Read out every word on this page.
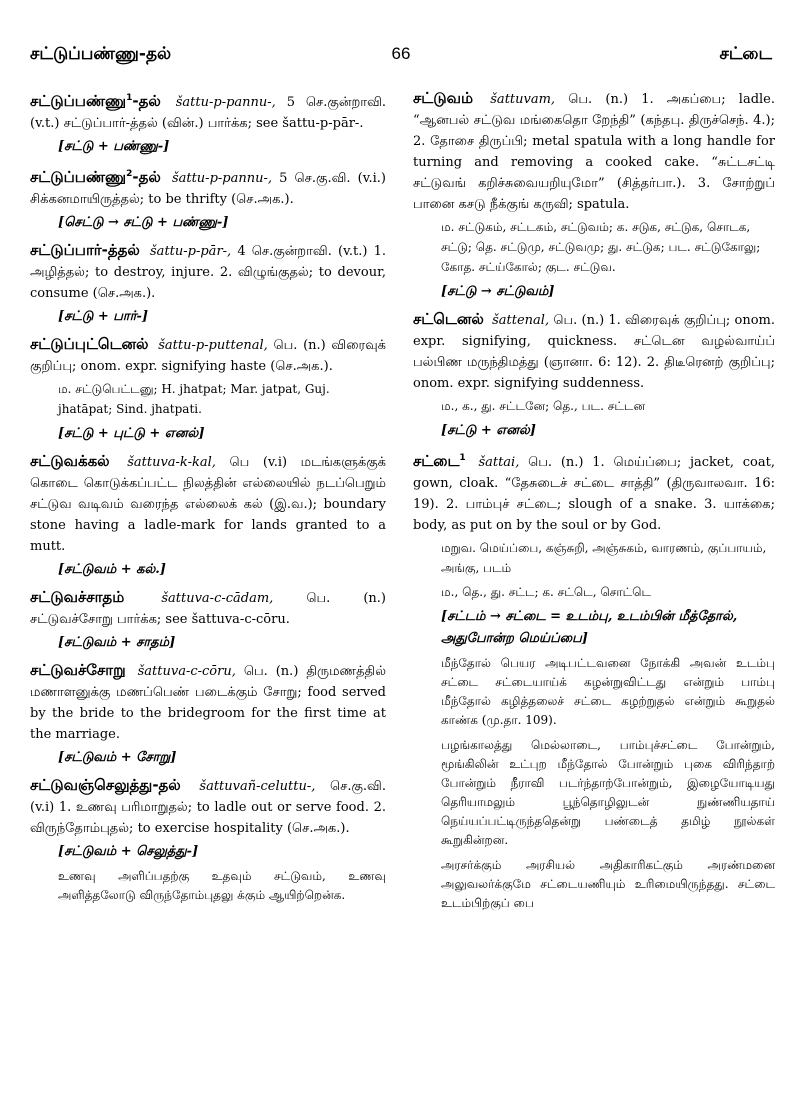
66
சட்டுப்பண்ணு-தல்	சட்டை
சட்டுப்பண்ணு$^1$-தல் šattu-p-pannu-, 5 செ.குன்றாவி. (v.t.) சட்டுப்பார்-த்தல் (வின்.) பார்க்க; see šattu-p-pār-.
[சட்டு + பண்ணு-]
சட்டுப்பண்ணு$^2$-தல் šattu-p-pannu-, 5 செ.கு.வி. (v.i.) சிக்கனமாயிருத்தல்; to be thrifty (செ.அக.).
[செட்டு → சட்டு + பண்ணு-]
சட்டுப்பார்-த்தல் šattu-p-pār-, 4 செ.குன்றாவி. (v.t.) 1. அழித்தல்; to destroy, injure. 2. விழுங்குதல்; to devour, consume (செ.அக.).
[சட்டு + பார்-]
சட்டுப்புட்டெனல் šattu-p-puttenal, பெ. (n.) விரைவுக் குறிப்பு; onom. expr. signifying haste (செ.அக.).
ம. சட்டுபெட்டனு; H. jhatpat; Mar. jatpat, Guj. jhatāpat; Sind. jhatpati.
[சட்டு + புட்டு + எனல்]
சட்டுவக்கல் šattuva-k-kal, பெ (v.i) மடங்களுக்குக் கொடை கொடுக்கப்பட்ட நிலத்தின் எல்லையில் நடப்பெறும் சட்டுவ வடிவம் வரைந்த எல்லைக் கல் (இ.வ.); boundary stone having a ladle-mark for lands granted to a mutt.
[சட்டுவம் + கல்.]
சட்டுவச்சாதம்	šattuva-c-cādam,	பெ. (n.) சட்டுவச்சோறு பார்க்க; see šattuva-c-cōru.
[சட்டுவம் + சாதம்]
சட்டுவச்சோறு šattuva-c-cōru, பெ. (n.) திருமணத்தில் மணாளனுக்கு மணப்பெண் படைக்கும் சோறு; food served by the bride to the bridegroom for the first time at the marriage.
[சட்டுவம் + சோறு]
சட்டுவஞ்செலுத்து-தல் šattuvañ-celuttu-, செ.கு.வி. (v.i) 1. உணவு பரிமாறுதல்; to ladle out or serve food. 2. விருந்தோம்புதல்; to exercise hospitality (செ.அக.).
[சட்டுவம் + செலுத்து-]
உணவு அளிப்பதற்கு உதவும் சட்டுவம், உணவு அளித்தலோடு விருந்தோம்புதலு க்கும் ஆயிற்றென்க.
சட்டுவம் šattuvam, பெ. (n.) 1. அகப்பை; ladle. “ஆனபல் சட்டுவ மங்கைதொ றேந்தி” (கந்தபு. திருச்செந். 4.); 2. தோசை திருப்பி; metal spatula with a long handle for turning and removing a cooked cake. “சுட்டசட்டி சட்டுவங் கறிச்சுவையறியுமோ” (சித்தர்பா.). 3. சோற்றுப் பானை கசடு நீக்குங் கருவி; spatula.
ம. சட்டுகம், சட்டகம், சட்டுவம்; க. சடுக, சட்டுக, சொடக, சட்டு; தெ. சட்டுமு, சட்டுவமு; து. சட்டுக; பட. சட்டுகோலு; கோத. சட்ய்கோல்; குட. சட்டுவ.
[சட்டு → சட்டுவம்]
சட்டெனல் šattenal, பெ. (n.) 1. விரைவுக் குறிப்பு; onom. expr. signifying, quickness. சட்டென வழல்வாய்ப் பல்பிண மருந்திமத்து (ஞானா. 6: 12). 2. திடீரெனற் குறிப்பு; onom. expr. signifying suddenness.
ம., க., து. சட்டனே; தெ., பட. சட்டன
[சட்டு + எனல்]
சட்டை$^1$ šattai, பெ. (n.) 1. மெய்ப்பை; jacket, coat, gown, cloak. “தேசுடைச் சட்டை சாத்தி” (திருவாலவா. 16: 19). 2. பாம்புச் சட்டை; slough of a snake. 3. யாக்கை; body, as put on by the soul or by God.
மறுவ. மெய்ப்பை, கஞ்சுறி, அஞ்சுகம், வாரணம், குப்பாயம், அங்கு, படம்
ம., தெ., து. சட்ட; க. சட்டெ, சொட்டெ
[சட்டம் → சட்டை = உடம்பு, உடம்பின் மீத்தோல், அதுபோன்ற மெய்ப்பை]
மீந்தோல் பெயர அடிபட்டவனை நோக்கி அவன் உடம்பு சட்டை சட்டையாய்க் கழன்றுவிட்டது என்றும் பாம்பு மீந்தோல் கழித்தலைச் சட்டை கழற்றுதல் என்றும் கூறுதல் காண்க (மு.தா. 109).
பழங்காலத்து மெல்லாடை, பாம்புச்சட்டை போன்றும், மூங்கிலின் உட்புற மீந்தோல் போன்றும் புகை விரிந்தாற் போன்றும் நீராவி படர்ந்தாற்போன்றும், இழையோடியது தெரியாமலும் பூந்தொழிலுடன் நுண்ணியதாய் நெய்யப்பட்டிருந்ததென்று பண்டைத் தமிழ் நூல்கள் கூறுகின்றன.
அரசர்க்கும் அரசியல் அதிகாரிகட்கும் அரண்மனை அலுவலர்க்குமே சட்டையணியும் உரிமையிருந்தது. சட்டை உடம்பிற்குப் பை
